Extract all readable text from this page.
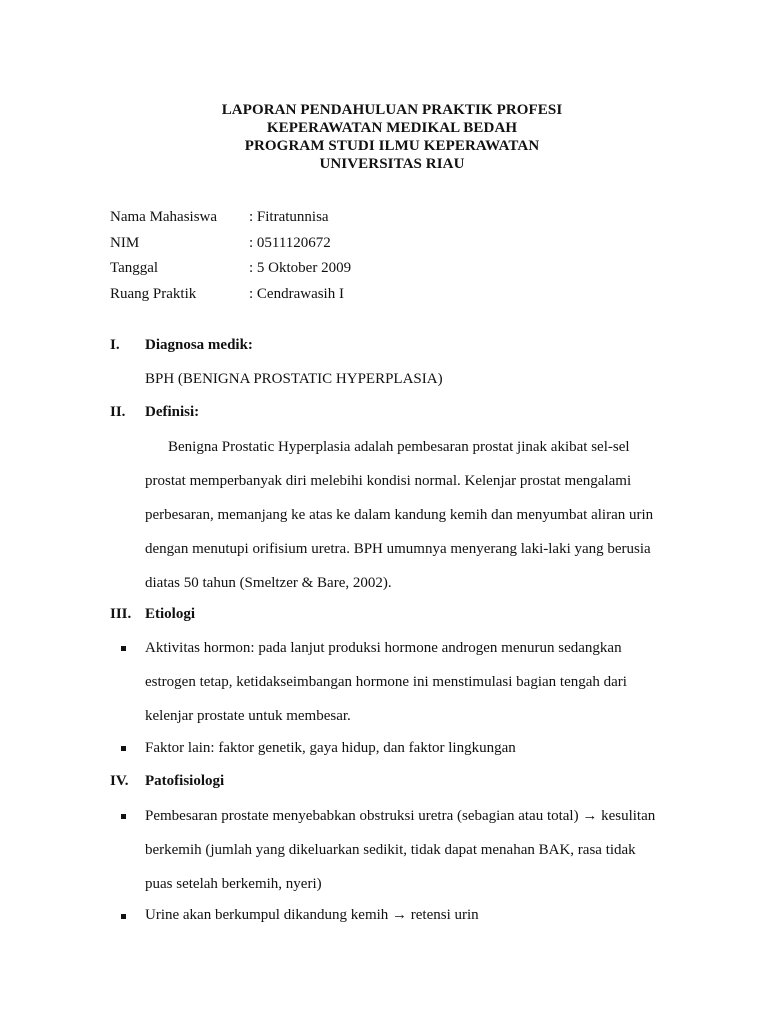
LAPORAN PENDAHULUAN PRAKTIK PROFESI
KEPERAWATAN MEDIKAL BEDAH
PROGRAM STUDI ILMU KEPERAWATAN
UNIVERSITAS RIAU
Nama Mahasiswa : Fitratunnisa
NIM	: 0511120672
Tanggal	: 5 Oktober 2009
Ruang Praktik	: Cendrawasih I
I. Diagnosa medik:
BPH (BENIGNA PROSTATIC HYPERPLASIA)
II. Definisi:
Benigna Prostatic Hyperplasia adalah pembesaran prostat jinak akibat sel-sel
prostat memperbanyak diri melebihi kondisi normal. Kelenjar prostat mengalami
perbesaran, memanjang ke atas ke dalam kandung kemih dan menyumbat aliran urin
dengan menutupi orifisium uretra. BPH umumnya menyerang laki-laki yang berusia
diatas 50 tahun (Smeltzer & Bare, 2002).
III. Etiologi
Aktivitas hormon: pada lanjut produksi hormone androgen menurun sedangkan
estrogen tetap, ketidakseimbangan hormone ini menstimulasi bagian tengah dari
kelenjar prostate untuk membesar.
Faktor lain: faktor genetik, gaya hidup, dan faktor lingkungan
IV. Patofisiologi
Pembesaran prostate menyebabkan obstruksi uretra (sebagian atau total) → kesulitan
berkemih (jumlah yang dikeluarkan sedikit, tidak dapat menahan BAK, rasa tidak
puas setelah berkemih, nyeri)
Urine akan berkumpul dikandung kemih → retensi urin
